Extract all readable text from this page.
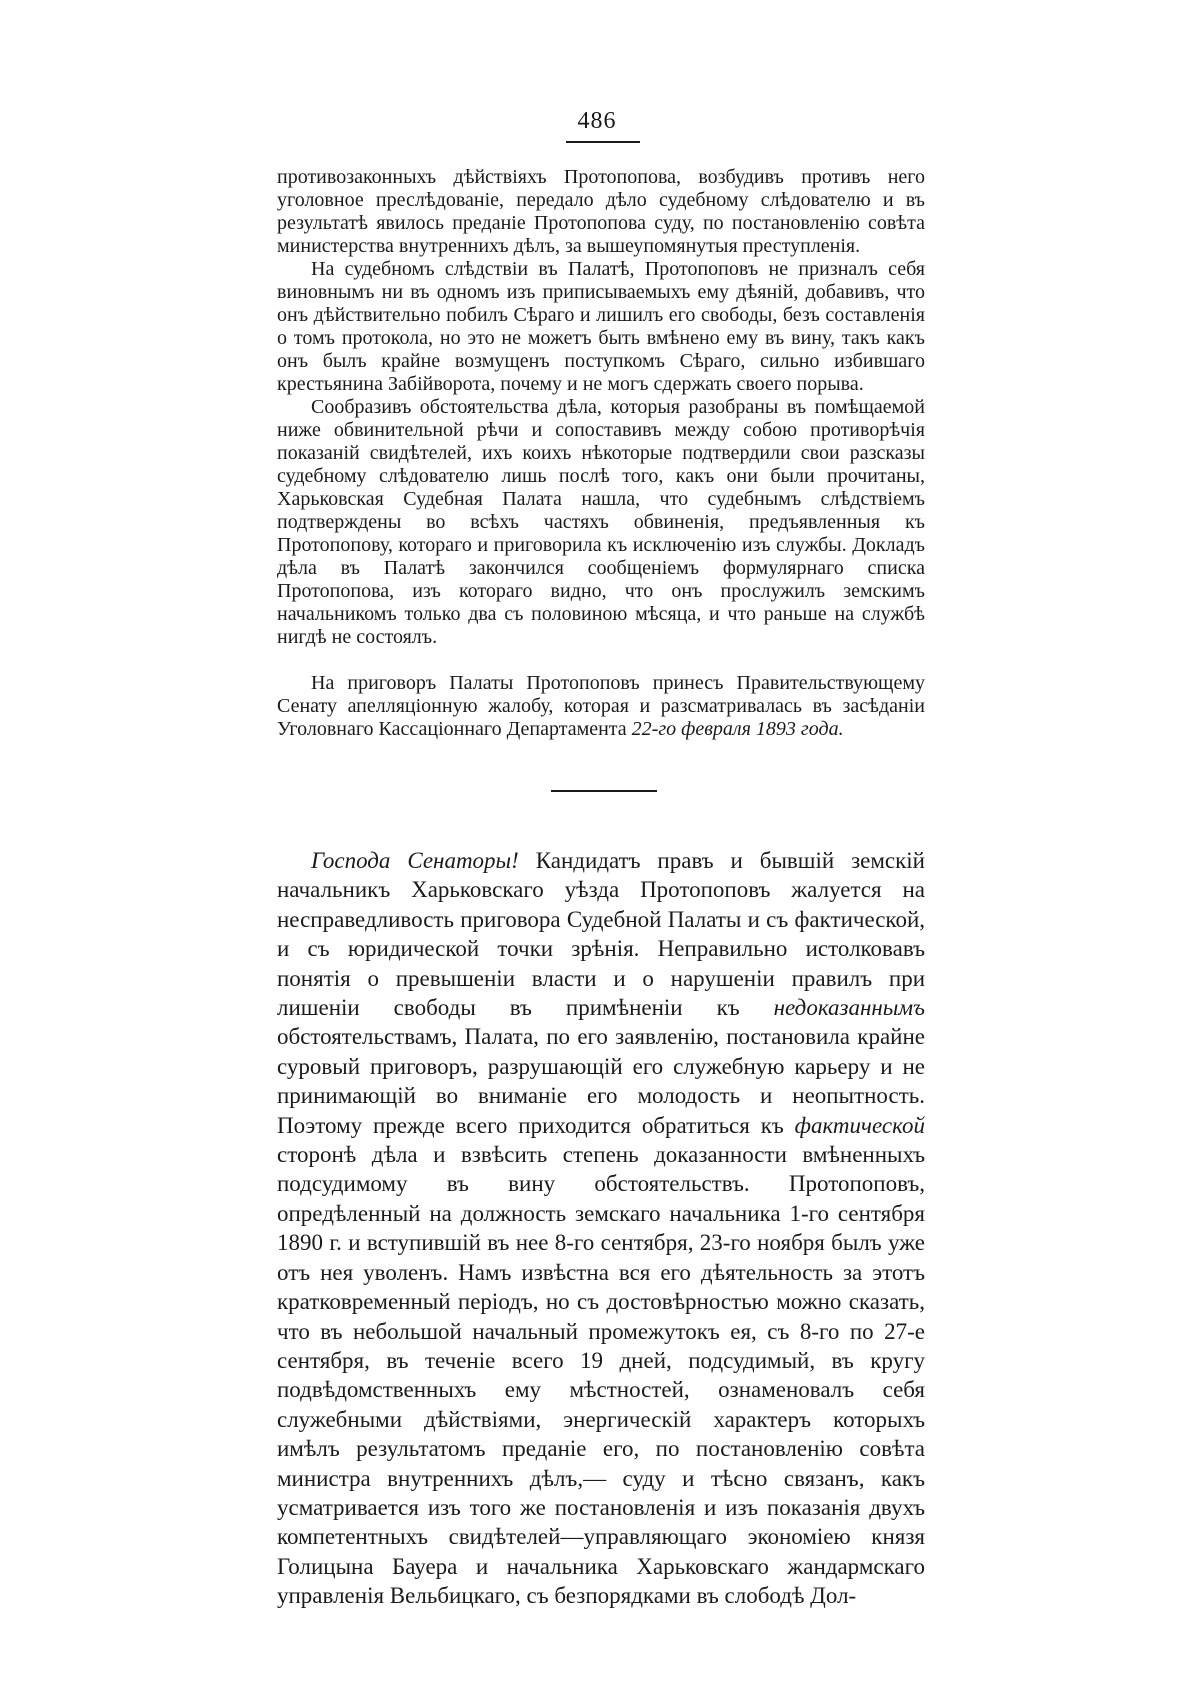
486

противозаконныхъ дѣйствіяхъ Протопопова, возбудивъ противъ него уголовное преслѣдованіе, передало дѣло судебному слѣдователю и въ результатѣ явилось преданіе Протопопова суду, по постановленію совѣта министерства внутреннихъ дѣлъ, за вышеупомянутыя преступленія.

На судебномъ слѣдствіи въ Палатѣ, Протопоповъ не призналъ себя виновнымъ ни въ одномъ изъ приписываемыхъ ему дѣяній, добавивъ, что онъ дѣйствительно побилъ Сѣраго и лишилъ его свободы, безъ составленія о томъ протокола, но это не можетъ быть вмѣнено ему въ вину, такъ какъ онъ былъ крайне возмущенъ поступкомъ Сѣраго, сильно избившаго крестьянина Забійворота, почему и не могъ сдержать своего порыва.

Сообразивъ обстоятельства дѣла, которыя разобраны въ помѣщаемой ниже обвинительной рѣчи и сопоставивъ между собою противорѣчія показаній свидѣтелей, ихъ коихъ нѣкоторые подтвердили свои разсказы судебному слѣдователю лишь послѣ того, какъ они были прочитаны, Харьковская Судебная Палата нашла, что судебнымъ слѣдствіемъ подтверждены во всѣхъ частяхъ обвиненія, предъявленныя къ Протопопову, котораго и приговорила къ исключенію изъ службы. Докладъ дѣла въ Палатѣ закончился сообщеніемъ формулярнаго списка Протопопова, изъ котораго видно, что онъ прослужилъ земскимъ начальникомъ только два съ половиною мѣсяца, и что раньше на службѣ нигдѣ не состоялъ.

На приговоръ Палаты Протопоповъ принесъ Правительствующему Сенату апелляціонную жалобу, которая и разсматривалась въ засѣданіи Уголовнаго Кассаціоннаго Департамента 22-го февраля 1893 года.

Господа Сенаторы! Кандидатъ правъ и бывшій земскій начальникъ Харьковскаго уѣзда Протопоповъ жалуется на несправедливость приговора Судебной Палаты и съ фактической, и съ юридической точки зрѣнія. Неправильно истолковавъ понятія о превышеніи власти и о нарушеніи правилъ при лишеніи свободы въ примѣненіи къ недоказаннымъ обстоятельствамъ, Палата, по его заявленію, постановила крайне суровый приговоръ, разрушающій его служебную карьеру и не принимающій во вниманіе его молодость и неопытность. Поэтому прежде всего приходится обратиться къ фактической сторонѣ дѣла и взвѣсить степень доказанности вмѣненныхъ подсудимому въ вину обстоятельствъ. Протопоповъ, опредѣленный на должность земскаго начальника 1-го сентября 1890 г. и вступившій въ нее 8-го сентября, 23-го ноября былъ уже отъ нея уволенъ. Намъ извѣстна вся его дѣятельность за этотъ кратковременный періодъ, но съ достовѣрностью можно сказать, что въ небольшой начальный промежутокъ ея, съ 8-го по 27-е сентября, въ теченіе всего 19 дней, подсудимый, въ кругу подвѣдомственныхъ ему мѣстностей, ознаменовалъ себя служебными дѣйствіями, энергическій характеръ которыхъ имѣлъ результатомъ преданіе его, по постановленію совѣта министра внутреннихъ дѣлъ,— суду и тѣсно связанъ, какъ усматривается изъ того же постановленія и изъ показанія двухъ компетентныхъ свидѣтелей—управляющаго экономіею князя Голицына Бауера и начальника Харьковскаго жандармскаго управленія Вельбицкаго, съ безпорядками въ слободѣ Дол-
